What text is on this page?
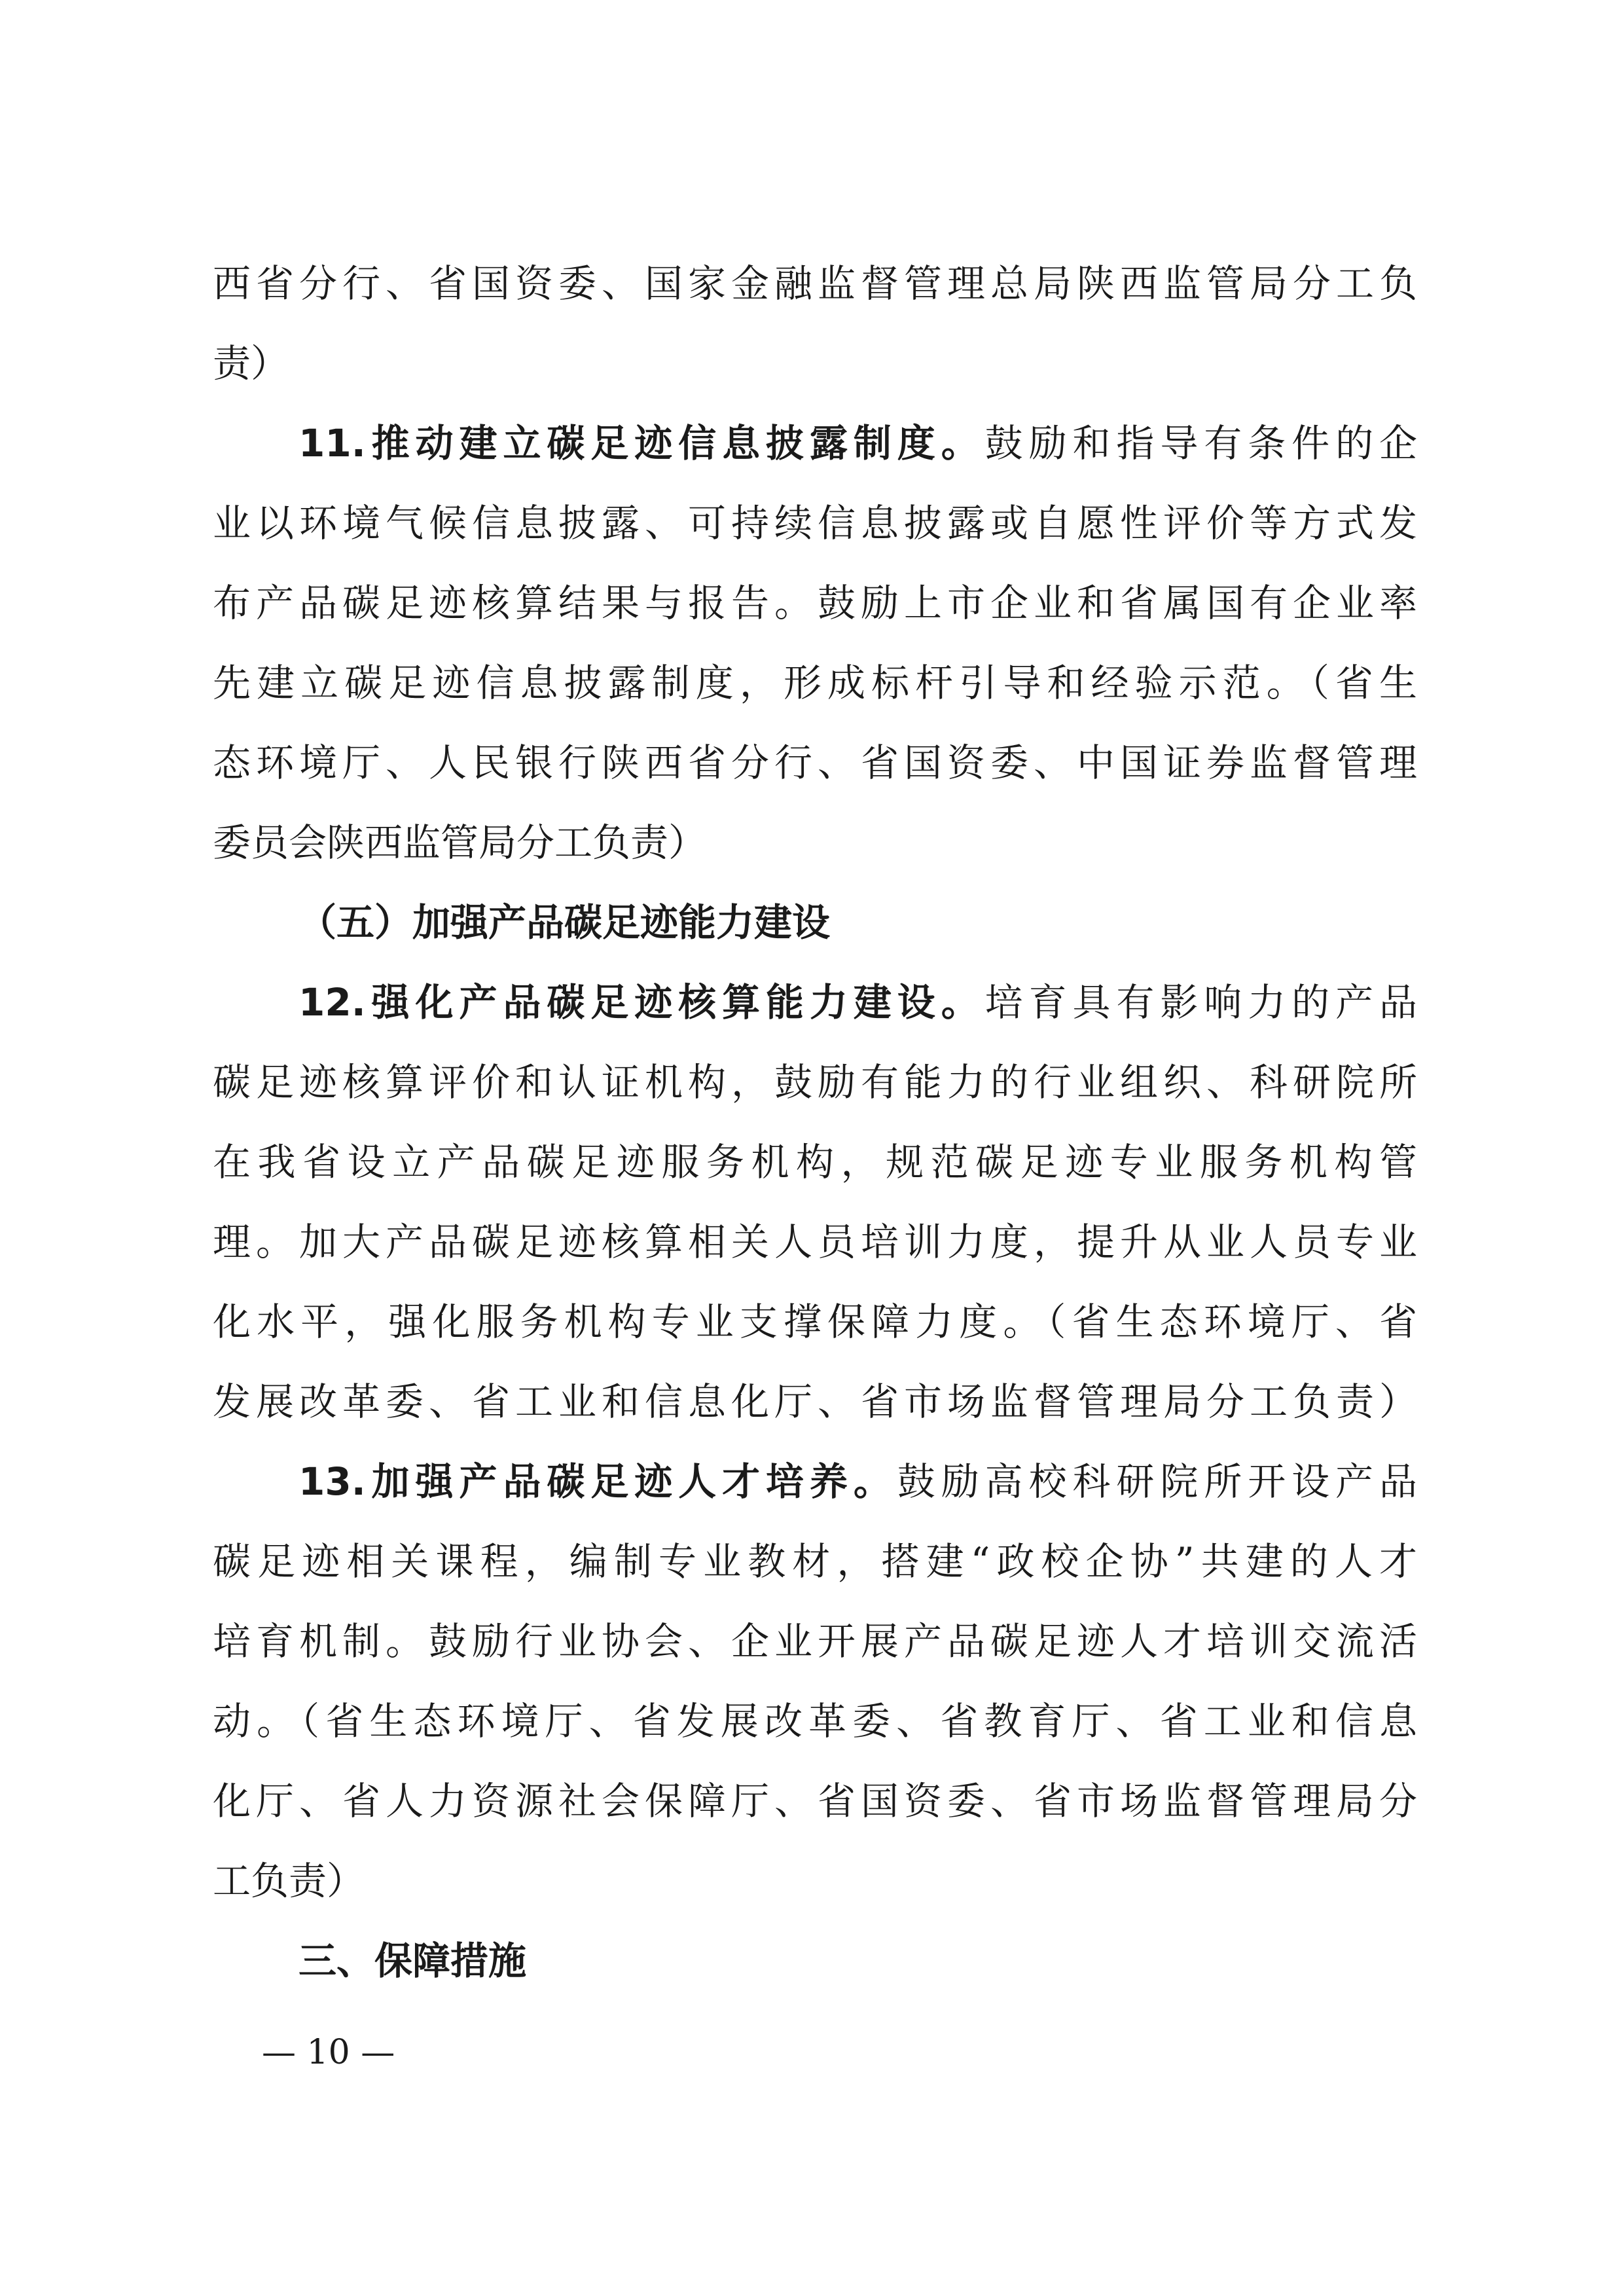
西省分行、省国资委、国家金融监督管理总局陕西监管局分工负
责）
11.推动建立碳足迹信息披露制度。鼓励和指导有条件的企
业以环境气候信息披露、可持续信息披露或自愿性评价等方式发
布产品碳足迹核算结果与报告。鼓励上市企业和省属国有企业率
先建立碳足迹信息披露制度，形成标杆引导和经验示范。（省生
态环境厅、人民银行陕西省分行、省国资委、中国证券监督管理
委员会陕西监管局分工负责）
（五）加强产品碳足迹能力建设
12.强化产品碳足迹核算能力建设。培育具有影响力的产品
碳足迹核算评价和认证机构，鼓励有能力的行业组织、科研院所
在我省设立产品碳足迹服务机构，规范碳足迹专业服务机构管
理。加大产品碳足迹核算相关人员培训力度，提升从业人员专业
化水平，强化服务机构专业支撑保障力度。（省生态环境厅、省
发展改革委、省工业和信息化厅、省市场监督管理局分工负责）
13.加强产品碳足迹人才培养。鼓励高校科研院所开设产品
碳足迹相关课程，编制专业教材，搭建“政校企协”共建的人才
培育机制。鼓励行业协会、企业开展产品碳足迹人才培训交流活
动。（省生态环境厅、省发展改革委、省教育厅、省工业和信息
化厅、省人力资源社会保障厅、省国资委、省市场监督管理局分
工负责）
三、保障措施
— 10 —
